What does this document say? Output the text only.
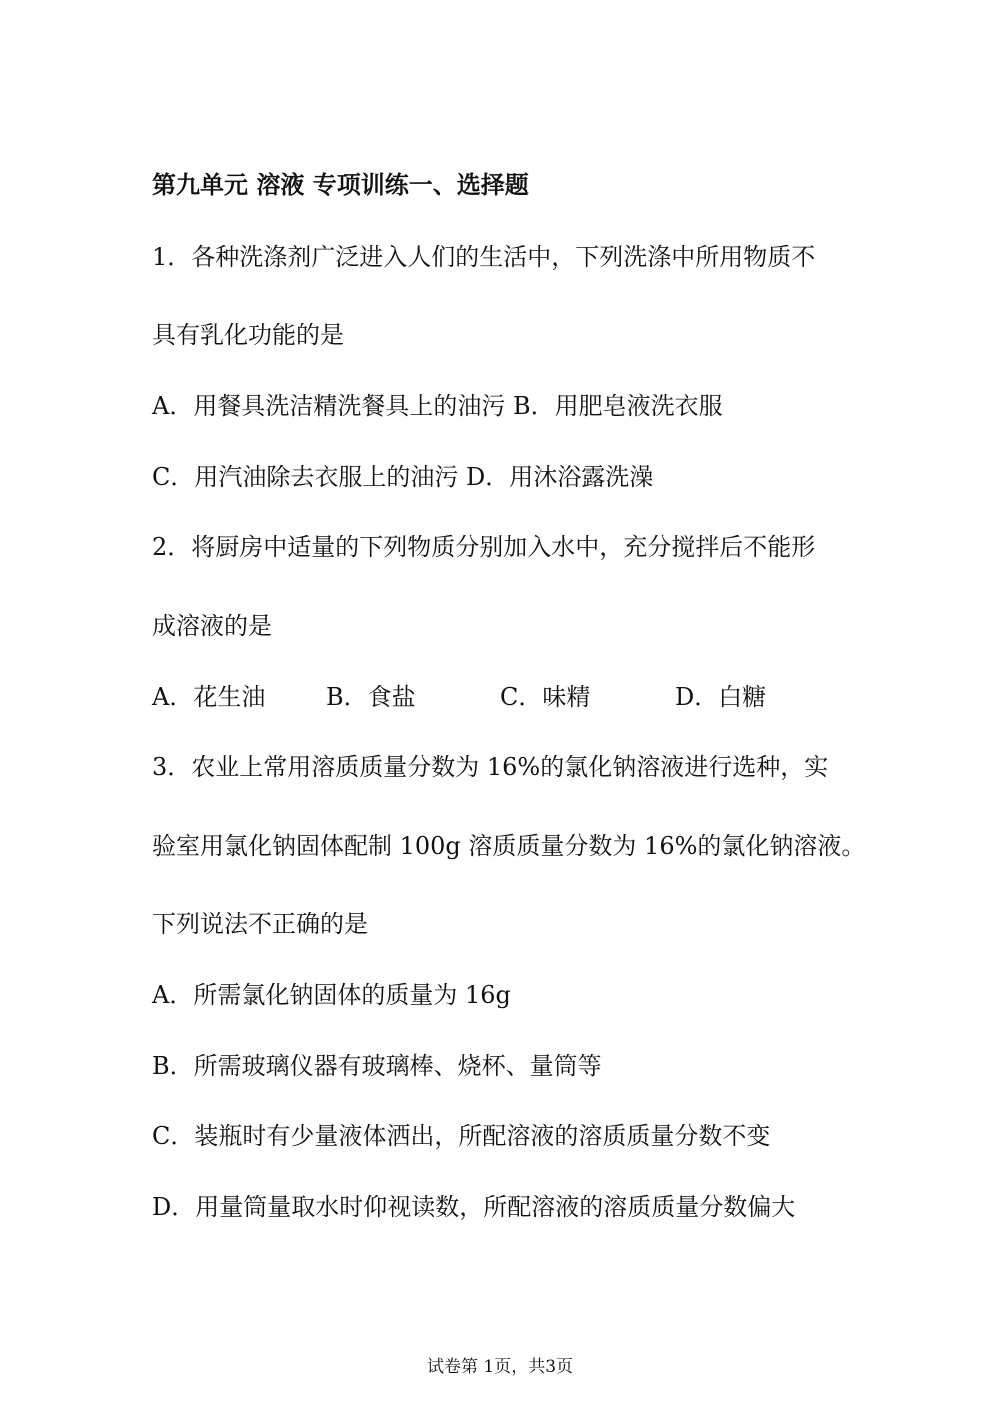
第九单元 溶液 专项训练一、选择题
1．各种洗涤剂广泛进入人们的生活中，下列洗涤中所用物质不
具有乳化功能的是
A．用餐具洗洁精洗餐具上的油污 B．用肥皂液洗衣服
C．用汽油除去衣服上的油污 D．用沐浴露洗澡
2．将厨房中适量的下列物质分别加入水中，充分搅拌后不能形
成溶液的是
A．花生油	B．食盐	C．味精	D．白糖
3．农业上常用溶质质量分数为 16%的氯化钠溶液进行选种，实
验室用氯化钠固体配制 100g 溶质质量分数为 16%的氯化钠溶液。
下列说法不正确的是
A．所需氯化钠固体的质量为 16g
B．所需玻璃仪器有玻璃棒、烧杯、量筒等
C．装瓶时有少量液体洒出，所配溶液的溶质质量分数不变
D．用量筒量取水时仰视读数，所配溶液的溶质质量分数偏大
试卷第 1页，共3页
